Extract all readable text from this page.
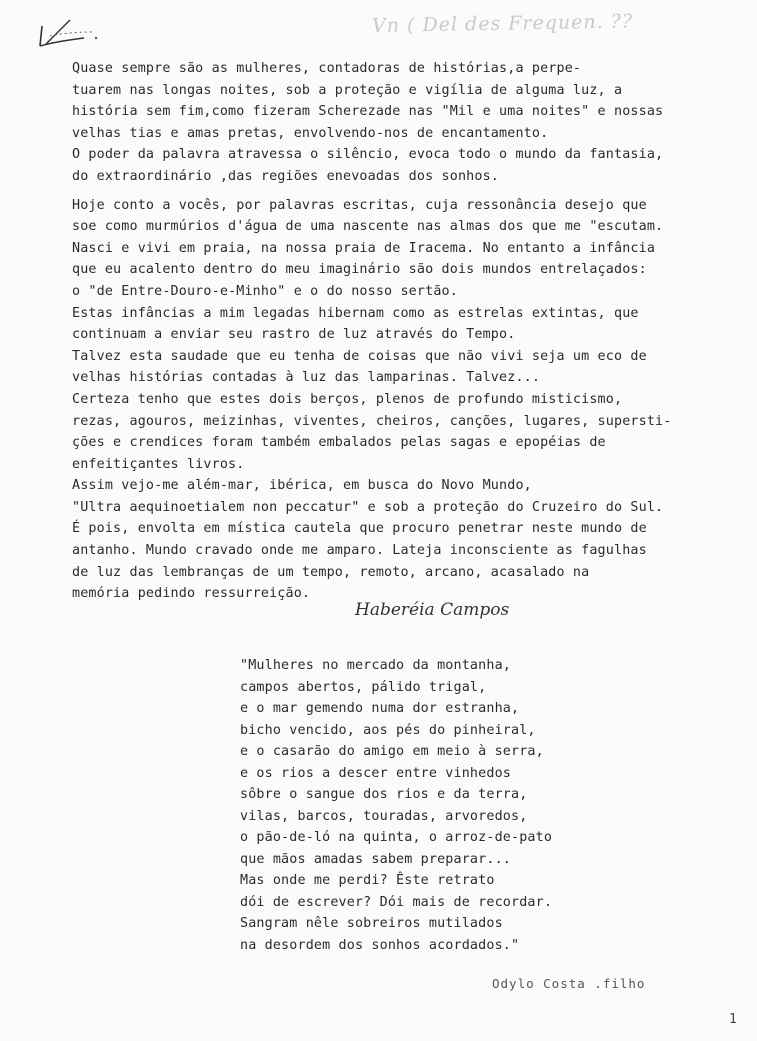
Vn ( Del des Frequen. ??
Quase sempre são as mulheres, contadoras de histórias,a perpe-
tuarem nas longas noites, sob a proteção e vigília de alguma luz, a
história sem fim,como fizeram Scherezade nas "Mil e uma noites" e nossas
velhas tias e amas pretas, envolvendo-nos de encantamento.
O poder da palavra atravessa o silêncio, evoca todo o mundo da fantasia,
do extraordinário ,das regiões enevoadas dos sonhos.
Hoje conto a vocês, por palavras escritas, cuja ressonância desejo que
soe como murmúrios d'água de uma nascente nas almas dos que me "escutam.
Nasci e vivi em praia, na nossa praia de Iracema. No entanto a infância
que eu acalento dentro do meu imaginário são dois mundos entrelaçados:
o "de Entre-Douro-e-Minho" e o do nosso sertão.
Estas infâncias a mim legadas hibernam como as estrelas extintas, que
continuam a enviar seu rastro de luz através do Tempo.
Talvez esta saudade que eu tenha de coisas que não vivi seja um eco de
velhas histórias contadas à luz das lamparinas. Talvez...
Certeza tenho que estes dois berços, plenos de profundo misticismo,
rezas, agouros, meizinhas, viventes, cheiros, canções, lugares, supersti-
ções e crendices foram também embalados pelas sagas e epopéias de
enfeitiçantes livros.
Assim vejo-me além-mar, ibérica, em busca do Novo Mundo,
"Ultra aequinoetialem non peccatur" e sob a proteção do Cruzeiro do Sul.
É pois, envolta em mística cautela que procuro penetrar neste mundo de
antanho. Mundo cravado onde me amparo. Lateja inconsciente as fagulhas
de luz das lembranças de um tempo, remoto, arcano, acasalado na
memória pedindo ressurreição.
Haberéia Campos
"Mulheres no mercado da montanha,
campos abertos, pálido trigal,
e o mar gemendo numa dor estranha,
bicho vencido, aos pés do pinheiral,
e o casarão do amigo em meio à serra,
e os rios a descer entre vinhedos
sôbre o sangue dos rios e da terra,
vilas, barcos, touradas, arvoredos,
o pão-de-ló na quinta, o arroz-de-pato
que mãos amadas sabem preparar...
Mas onde me perdi? Êste retrato
dói de escrever? Dói mais de recordar.
Sangram nêle sobreiros mutilados
na desordem dos sonhos acordados."
Odylo Costa .filho
1
